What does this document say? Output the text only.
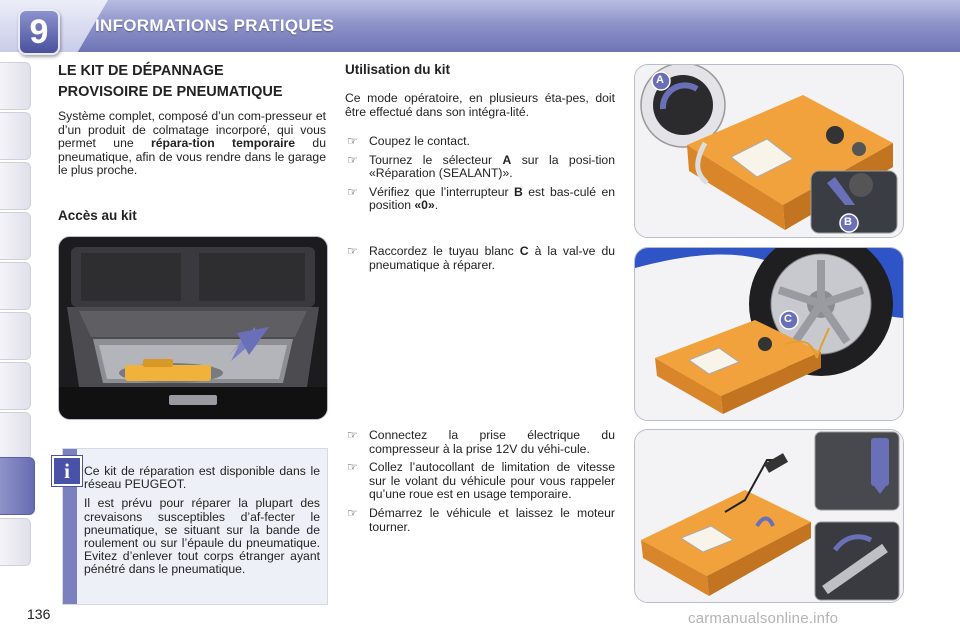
9	INFORMATIONS PRATIQUES
LE KIT DE DÉPANNAGE
PROVISOIRE DE PNEUMATIQUE
Système complet, composé d’un com-presseur et d’un produit de colmatage incorporé, qui vous permet une répara-tion temporaire du pneumatique, afin de vous rendre dans le garage le plus proche.
Accès au kit
i	Ce kit de réparation est disponible dans le réseau PEUGEOT.

Il est prévu pour réparer la plupart des crevaisons susceptibles d’af-fecter le pneumatique, se situant sur la bande de roulement ou sur l’épaule du pneumatique. Evitez d’enlever tout corps étranger ayant pénétré dans le pneumatique.

Utilisation du kit
Ce mode opératoire, en plusieurs éta-pes, doit être effectué dans son intégra-lité.
☞ Coupez le contact.
☞ Tournez le sélecteur A sur la posi-tion «Réparation (SEALANT)».
☞ Vérifiez que l’interrupteur B est bas-culé en position «0».
☞ Raccordez le tuyau blanc C à la val-ve du pneumatique à réparer.
☞ Connectez la prise électrique du compresseur à la prise 12V du véhi-cule.
☞ Collez l’autocollant de limitation de vitesse sur le volant du véhicule pour vous rappeler qu’une roue est en usage temporaire.
☞ Démarrez le véhicule et laissez le moteur tourner.
A
B
C
136	carmanualsonline.info
